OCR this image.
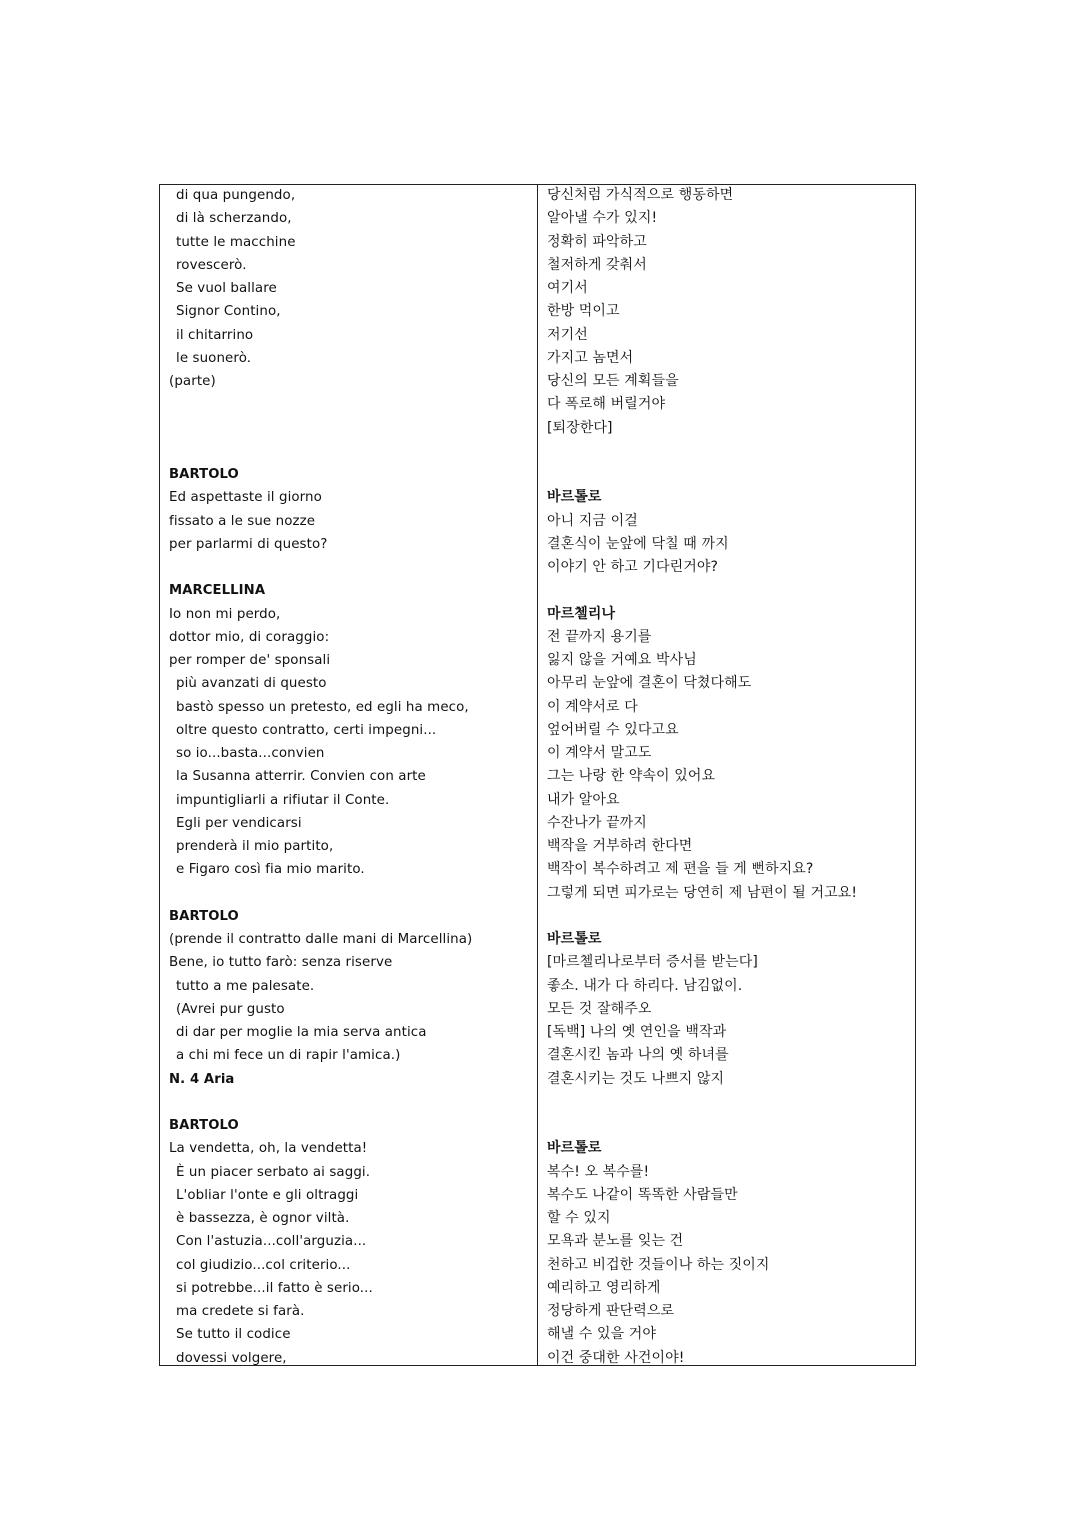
di qua pungendo,
di là scherzando,
tutte le macchine
rovescerò.
Se vuol ballare
Signor Contino,
il chitarrino
le suonerò.
(parte)
BARTOLO
Ed aspettaste il giorno
fissato a le sue nozze
per parlarmi di questo?
MARCELLINA
Io non mi perdo,
dottor mio, di coraggio:
per romper de' sponsali
più avanzati di questo
bastò spesso un pretesto, ed egli ha meco,
oltre questo contratto, certi impegni...
so io...basta...convien
la Susanna atterrir. Convien con arte
impuntigliarli a rifiutar il Conte.
Egli per vendicarsi
prenderà il mio partito,
e Figaro così fia mio marito.
BARTOLO
(prende il contratto dalle mani di Marcellina)
Bene, io tutto farò: senza riserve
tutto a me palesate.
(Avrei pur gusto
di dar per moglie la mia serva antica
a chi mi fece un di rapir l'amica.)
N. 4 Aria
BARTOLO
La vendetta, oh, la vendetta!
È un piacer serbato ai saggi.
L'obliar l'onte e gli oltraggi
è bassezza, è ognor viltà.
Con l'astuzia...coll'arguzia...
col giudizio...col criterio...
si potrebbe...il fatto è serio...
ma credete si farà.
Se tutto il codice
dovessi volgere,
당신처럼 가식적으로 행동하면
알아낼 수가 있지!
정확히 파악하고
철저하게 갖춰서
여기서
한방 먹이고
저기선
가지고 놈면서
당신의 모든 계획들을
다 폭로해 버릴거야
[퇴장한다]
바르톨로
아니 지금 이걸
결혼식이 눈앞에 닥칠 때 까지
이야기 안 하고 기다린거야?
마르첼리나
전 끝까지 용기를
잃지 않을 거예요 박사님
아무리 눈앞에 결혼이 닥쳤다해도
이 계약서로 다
엎어버릴 수 있다고요
이 계약서 말고도
그는 나랑 한 약속이 있어요
내가 알아요
수잔나가 끝까지
백작을 거부하려 한다면
백작이 복수하려고 제 편을 들 게 뻔하지요?
그렇게 되면 피가로는 당연히 제 남편이 될 거고요!
바르톨로
[마르첼리나로부터 증서를 받는다]
좋소. 내가 다 하리다. 남김없이.
모든 것 잘해주오
[독백] 나의 옛 연인을 백작과
결혼시킨 놈과 나의 옛 하녀를
결혼시키는 것도 나쁘지 않지
바르톨로
복수! 오 복수를!
복수도 나같이 똑똑한 사람들만
할 수 있지
모욕과 분노를 잊는 건
천하고 비겁한 것들이나 하는 짓이지
예리하고 영리하게
정당하게 판단력으로
해낼 수 있을 거야
이건 중대한 사건이야!
